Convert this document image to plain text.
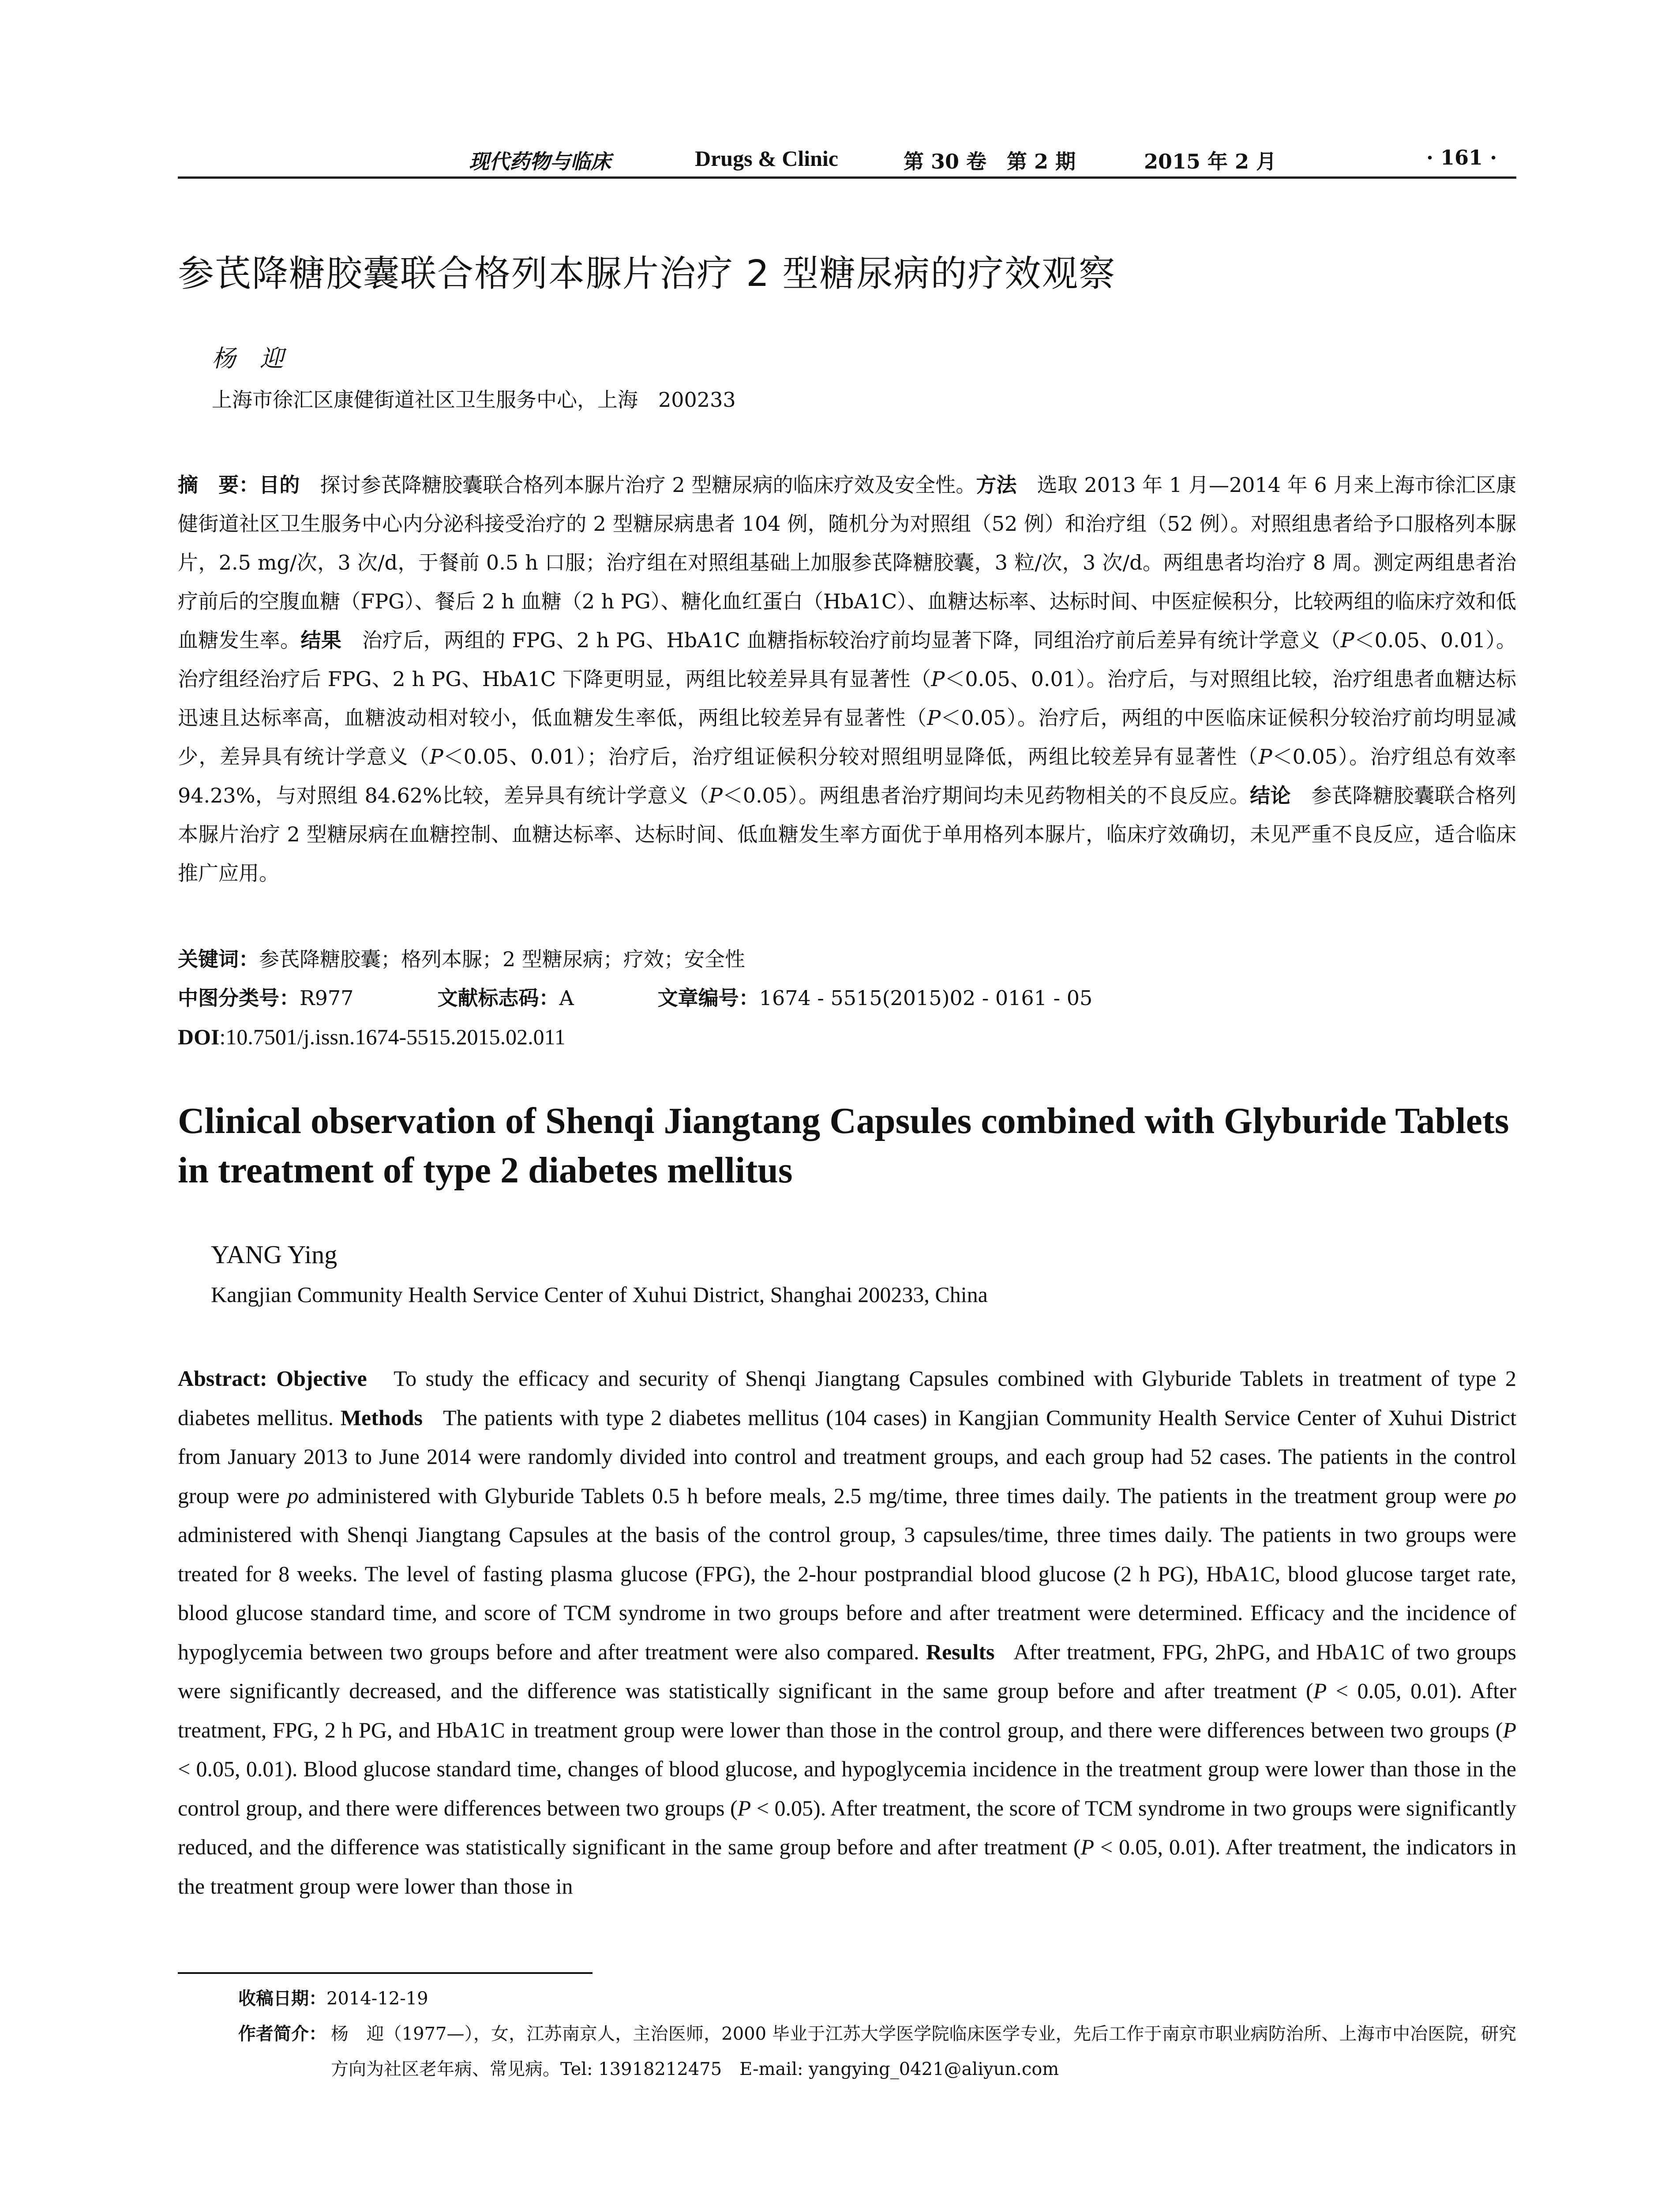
现代药物与临床	Drugs & Clinic	第 30 卷　第 2 期	2015 年 2 月	· 161 ·
参芪降糖胶囊联合格列本脲片治疗 2 型糖尿病的疗效观察
杨迎
上海市徐汇区康健街道社区卫生服务中心，上海　200233
摘　要：目的　 探讨参芪降糖胶囊联合格列本脲片治疗 2 型糖尿病的临床疗效及安全性。方法　 选取 2013 年 1 月—2014 年 6 月来上海市徐汇区康健街道社区卫生服务中心内分泌科接受治疗的 2 型糖尿病患者 104 例，随机分为对照组（52 例）和治疗组（52 例）。对照组患者给予口服格列本脲片，2.5 mg/次，3 次/d，于餐前 0.5 h 口服；治疗组在对照组基础上加服参芪降糖胶囊，3 粒/次，3 次/d。两组患者均治疗 8 周。测定两组患者治疗前后的空腹血糖（FPG）、餐后 2 h 血糖（2 h PG）、糖化血红蛋白（HbA1C）、血糖达标率、达标时间、中医症候积分，比较两组的临床疗效和低血糖发生率。结果　 治疗后，两组的 FPG、2 h PG、HbA1C 血糖指标较治疗前均显著下降，同组治疗前后差异有统计学意义（P＜0.05、0.01）。治疗组经治疗后 FPG、2 h PG、HbA1C 下降更明显，两组比较差异具有显著性（P＜0.05、0.01）。治疗后，与对照组比较，治疗组患者血糖达标迅速且达标率高，血糖波动相对较小，低血糖发生率低，两组比较差异有显著性（P＜0.05）。治疗后，两组的中医临床证候积分较治疗前均明显减少，差异具有统计学意义（P＜0.05、0.01）；治疗后，治疗组证候积分较对照组明显降低，两组比较差异有显著性（P＜0.05）。治疗组总有效率 94.23%，与对照组 84.62%比较，差异具有统计学意义（P＜0.05）。两组患者治疗期间均未见药物相关的不良反应。结论　 参芪降糖胶囊联合格列本脲片治疗 2 型糖尿病在血糖控制、血糖达标率、达标时间、低血糖发生率方面优于单用格列本脲片，临床疗效确切，未见严重不良反应，适合临床推广应用。
关键词：参芪降糖胶囊；格列本脲；2 型糖尿病；疗效；安全性
中图分类号：R977	文献标志码：A	文章编号：1674 - 5515(2015)02 - 0161 - 05
DOI:10.7501/j.issn.1674-5515.2015.02.011
Clinical observation of Shenqi Jiangtang Capsules combined with Glyburide Tablets in treatment of type 2 diabetes mellitus
YANG Ying
Kangjian Community Health Service Center of Xuhui District, Shanghai 200233, China
Abstract: Objective To study the efficacy and security of Shenqi Jiangtang Capsules combined with Glyburide Tablets in treatment of type 2 diabetes mellitus. Methods The patients with type 2 diabetes mellitus (104 cases) in Kangjian Community Health Service Center of Xuhui District from January 2013 to June 2014 were randomly divided into control and treatment groups, and each group had 52 cases. The patients in the control group were po administered with Glyburide Tablets 0.5 h before meals, 2.5 mg/time, three times daily. The patients in the treatment group were po administered with Shenqi Jiangtang Capsules at the basis of the control group, 3 capsules/time, three times daily. The patients in two groups were treated for 8 weeks. The level of fasting plasma glucose (FPG), the 2-hour postprandial blood glucose (2 h PG), HbA1C, blood glucose target rate, blood glucose standard time, and score of TCM syndrome in two groups before and after treatment were determined. Efficacy and the incidence of hypoglycemia between two groups before and after treatment were also compared. Results After treatment, FPG, 2hPG, and HbA1C of two groups were significantly decreased, and the difference was statistically significant in the same group before and after treatment (P < 0.05, 0.01). After treatment, FPG, 2 h PG, and HbA1C in treatment group were lower than those in the control group, and there were differences between two groups (P < 0.05, 0.01). Blood glucose standard time, changes of blood glucose, and hypoglycemia incidence in the treatment group were lower than those in the control group, and there were differences between two groups (P < 0.05). After treatment, the score of TCM syndrome in two groups were significantly reduced, and the difference was statistically significant in the same group before and after treatment (P < 0.05, 0.01). After treatment, the indicators in the treatment group were lower than those in
收稿日期：2014-12-19
作者简介： 杨　迎（1977—），女，江苏南京人，主治医师，2000 毕业于江苏大学医学院临床医学专业，先后工作于南京市职业病防治所、上海市中冶医院，研究方向为社区老年病、常见病。Tel: 13918212475　E-mail: yangying_0421@aliyun.com
